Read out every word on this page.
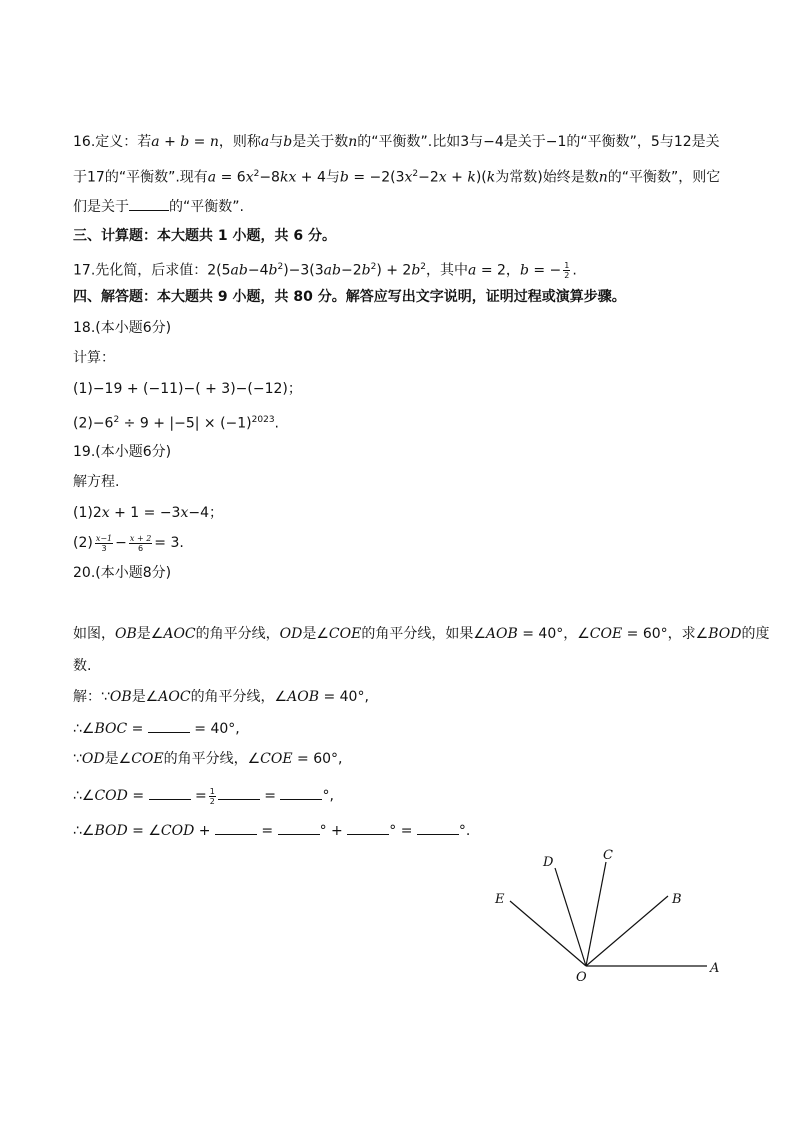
16.定义：若a + b = n，则称a与b是关于数n的“平衡数”.比如3与−4是关于−1的“平衡数”，5与12是关
于17的“平衡数”.现有$a = 6x^2-8kx + 4$与$b = -2(3x^2-2x + k)(k$为常数)始终是数n的“平衡数”，则它
们是关于	的“平衡数”.
三、计算题：本大题共 1 小题，共 6 分。
17.先化简，后求值：$2(5ab-4b^2)-3(3ab-2b^2) + 2b^2$，其中a = 2，b = − $\frac{1}{2}$ .
四、解答题：本大题共 9 小题，共 80 分。解答应写出文字说明，证明过程或演算步骤。
18.(本小题6分)
计算：
(1)−19 + (−11)−( + 3)−(−12)；
$(2)-6^2 \div 9 + |-5| \times (-1)^{2023}$.
19.(本小题6分)
解方程.
(1)2x + 1 = −3x−4；
$(2) \frac{x-1}{3} - \frac{x + 2}{6} = 3$.
20.(本小题8分)
如图，OB是∠AOC的角平分线，OD是∠COE的角平分线，如果∠AOB = 40°，∠COE = 60°，求∠BOD的度
数.
解：∵OB是∠AOC的角平分线，∠AOB = 40°,
∴∠BOC =	= 40°,
∵OD是∠COE的角平分线，∠COE = 60°,
∴∠COD =	= $\frac{1}{2}$	=	°,
∴∠BOD = ∠COD +	=	° +	° =	°.
A
B
C
D
E
O
